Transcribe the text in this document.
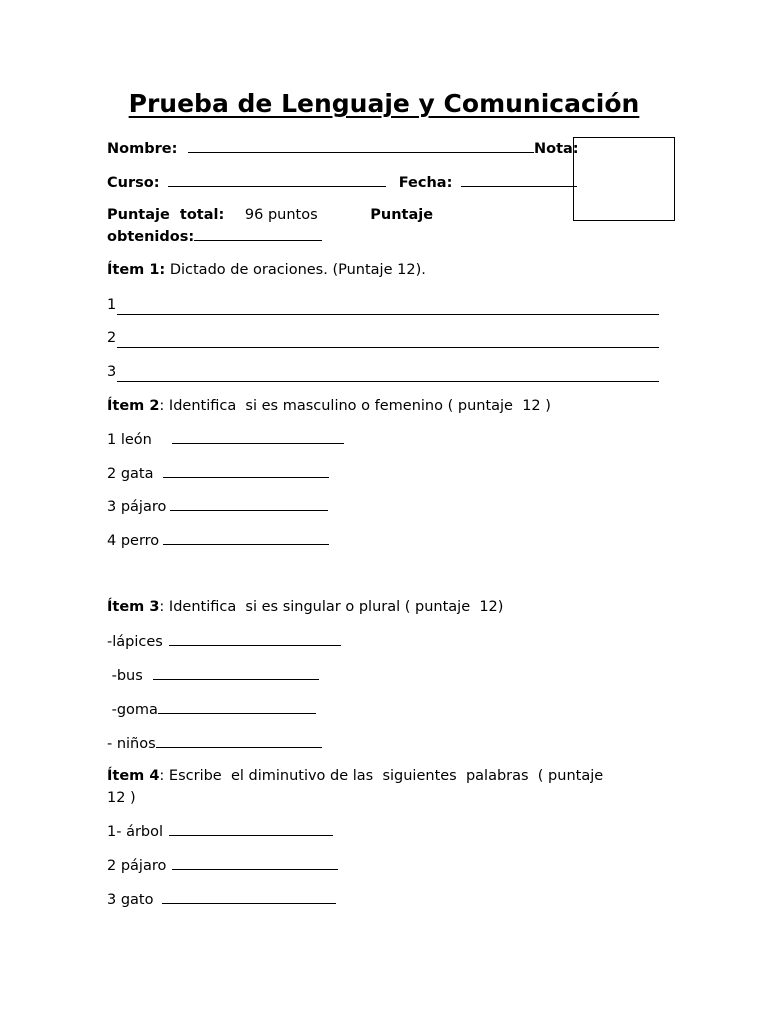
Prueba de Lenguaje y Comunicación
Nombre:	Nota:
Curso:	Fecha:
Puntaje  total: 96 puntos	Puntaje
obtenidos:
Ítem 1: Dictado de oraciones. (Puntaje 12).
1
2
3
Ítem 2: Identifica  si es masculino o femenino ( puntaje  12 )
1 león
2 gata
3 pájaro
4 perro
Ítem 3: Identifica  si es singular o plural ( puntaje  12)
-lápices
-bus
-goma
- niños
Ítem 4: Escribe  el diminutivo de las  siguientes  palabras  ( puntaje
12 )
1- árbol
2 pájaro
3 gato
